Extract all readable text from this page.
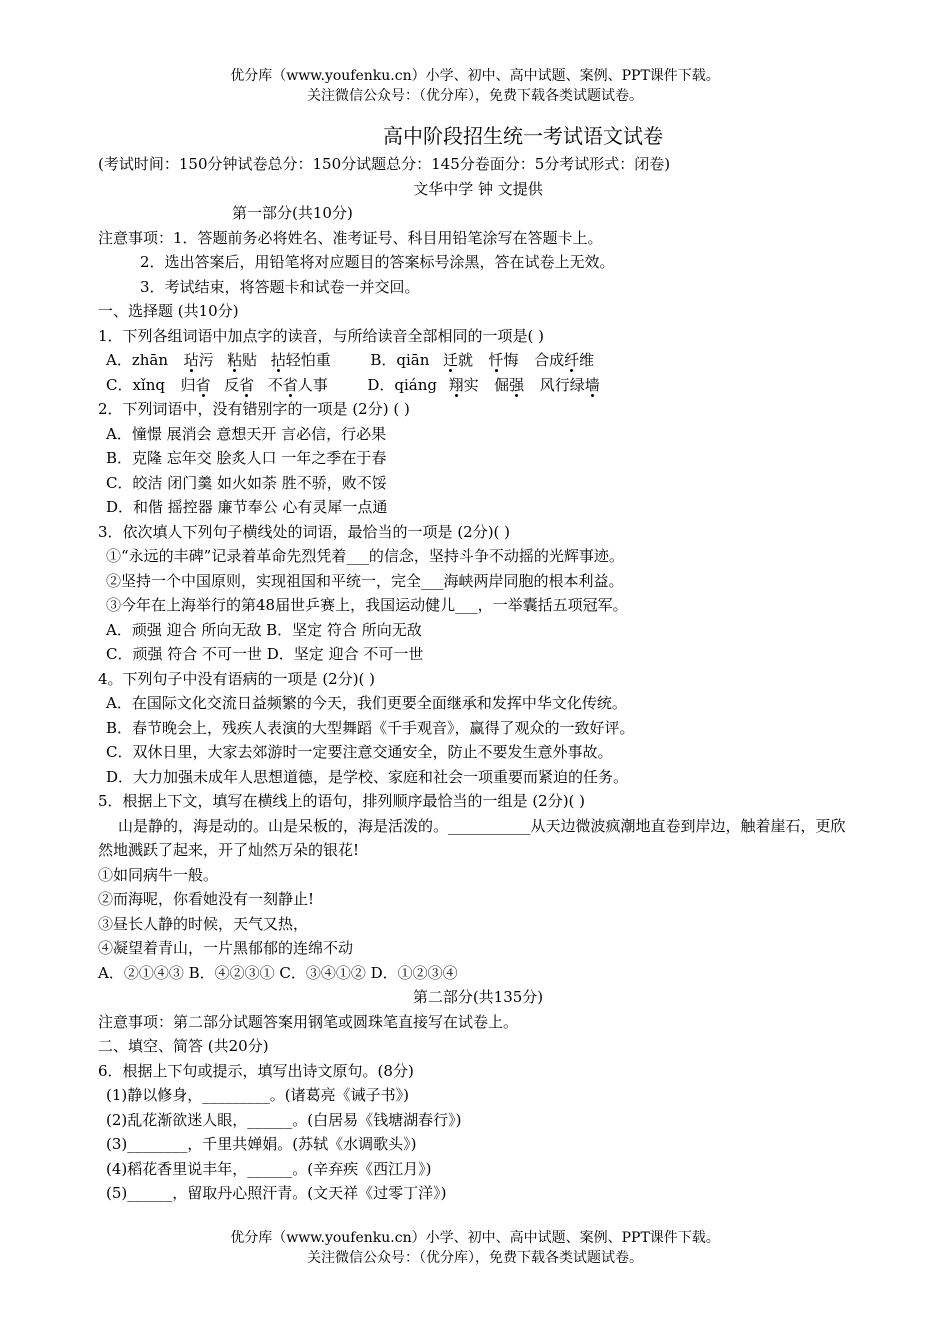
优分库（www.youfenku.cn）小学、初中、高中试题、案例、PPT课件下载。
关注微信公众号：（优分库），免费下载各类试题试卷。
高中阶段招生统一考试语文试卷
(考试时间：150分钟试卷总分：150分试题总分：145分卷面分：5分考试形式：闭卷)
文华中学 钟 文提供
第一部分(共10分)
注意事项：1．答题前务必将姓名、准考证号、科目用铅笔涂写在答题卡上。
2．选出答案后，用铅笔将对应题目的答案标号涂黑，答在试卷上无效。
3．考试结束，将答题卡和试卷一并交回。
一、选择题 (共10分)
1．下列各组词语中加点字的读音，与所给读音全部相同的一项是( )
A．zhān 玷污 粘贴 拈轻怕重	B．qiān 迁就 忏悔 合成纤维
C．xǐnq 归省 反省 不省人事	D．qiáng 翔实 倔强 风行绿墙
2．下列词语中，没有错别字的一项是 (2分) ( )
A．憧憬 展消会 意想天开 言必信，行必果
B．克隆 忘年交 脍炙人口 一年之季在于春
C．皎洁 闭门羹 如火如荼 胜不骄，败不馁
D．和偕 摇控器 廉节奉公 心有灵犀一点通
3．依次填人下列句子横线处的词语，最恰当的一项是 (2分)( )
①“永远的丰碑”记录着革命先烈凭着___的信念，坚持斗争不动摇的光辉事迹。
②坚持一个中国原则，实现祖国和平统一，完全___海峡两岸同胞的根本利益。
③今年在上海举行的第48届世乒赛上，我国运动健儿___，一举囊括五项冠军。
A．顽强 迎合 所向无敌 B．坚定 符合 所向无敌
C．顽强 符合 不可一世 D．坚定 迎合 不可一世
4。下列句子中没有语病的一项是 (2分)( )
A．在国际文化交流日益频繁的今天，我们更要全面继承和发挥中华文化传统。
B．春节晚会上，残疾人表演的大型舞蹈《千手观音》，赢得了观众的一致好评。
C．双休日里，大家去郊游时一定要注意交通安全，防止不要发生意外事故。
D．大力加强未成年人思想道德，是学校、家庭和社会一项重要而紧迫的任务。
5．根据上下文，填写在横线上的语句，排列顺序最恰当的一组是 (2分)( )
山是静的，海是动的。山是呆板的，海是活泼的。___________从天边微波疯潮地直卷到岸边，触着崖石，更欣然地溅跃了起来，开了灿然万朵的银花!
①如同病牛一般。
②而海呢，你看她没有一刻静止!
③昼长人静的时候，天气又热，
④凝望着青山，一片黑郁郁的连绵不动
A．②①④③ B．④②③① C．③④①② D．①②③④
第二部分(共135分)
注意事项：第二部分试题答案用钢笔或圆珠笔直接写在试卷上。
二、填空、简答 (共20分)
6．根据上下句或提示，填写出诗文原句。(8分)
(1)静以修身，_________。(诸葛亮《诫子书》)
(2)乱花渐欲迷人眼，______。(白居易《钱塘湖春行》)
(3)________，千里共婵娟。(苏轼《水调歌头》)
(4)稻花香里说丰年，______。(辛弃疾《西江月》)
(5)______，留取丹心照汗青。(文天祥《过零丁洋》)
优分库（www.youfenku.cn）小学、初中、高中试题、案例、PPT课件下载。
关注微信公众号：（优分库），免费下载各类试题试卷。
